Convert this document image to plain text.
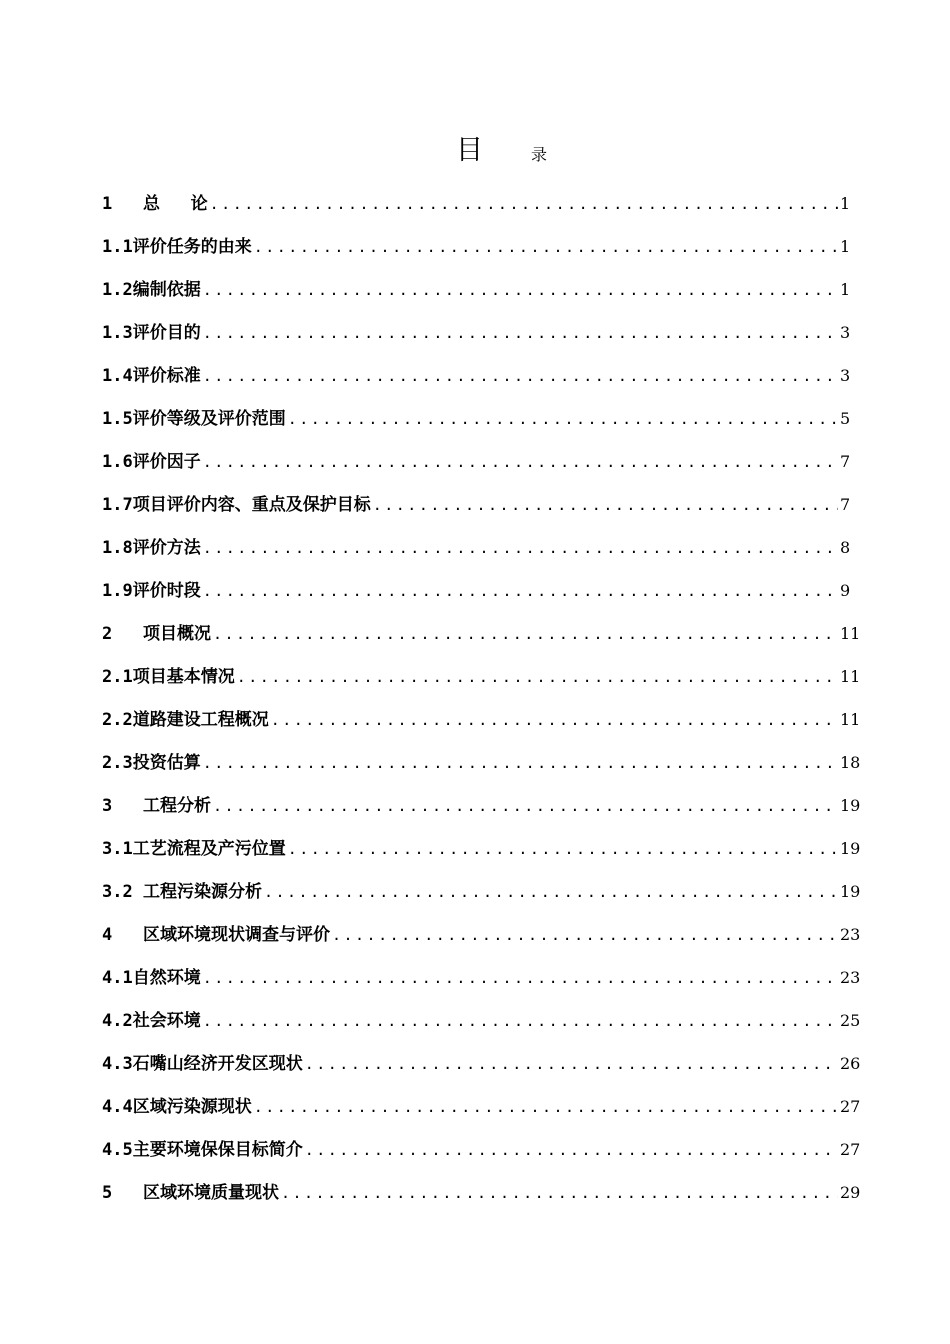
目	录
1   总   论 .....	1
1.1评价任务的由来 .....	1
1.2编制依据 .....	1
1.3评价目的 .....	3
1.4评价标准 .....	3
1.5评价等级及评价范围 .....	5
1.6评价因子 .....	7
1.7项目评价内容、重点及保护目标 .....	7
1.8评价方法 .....	8
1.9评价时段 .....	9
2   项目概况 .....	11
2.1项目基本情况 .....	11
2.2道路建设工程概况 .....	11
2.3投资估算 .....	18
3   工程分析 .....	19
3.1工艺流程及产污位置 .....	19
3.2 工程污染源分析 .....	19
4   区域环境现状调查与评价 .....	23
4.1自然环境 .....	23
4.2社会环境 .....	25
4.3石嘴山经济开发区现状 .....	26
4.4区域污染源现状 .....	27
4.5主要环境保保目标简介 .....	27
5   区域环境质量现状 .....	29
